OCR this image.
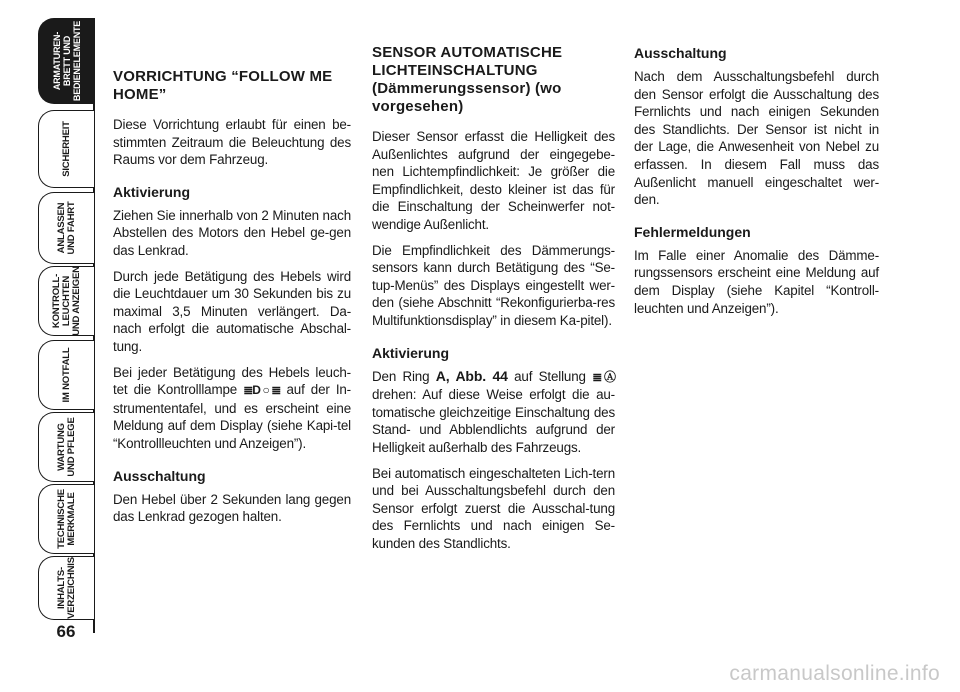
ARMATUREN-
BRETT UND
BEDIENELEMENTE
SICHERHEIT
ANLASSEN
UND FAHRT
KONTROLL-
LEUCHTEN
UND ANZEIGEN
IM NOTFALL
WARTUNG
UND PFLEGE
TECHNISCHE
MERKMALE
INHALTS-
VERZEICHNIS
66
VORRICHTUNG “FOLLOW ME HOME”

Diese Vorrichtung erlaubt für einen be-stimmten Zeitraum die Beleuchtung des Raums vor dem Fahrzeug.

Aktivierung

Ziehen Sie innerhalb von 2 Minuten nach Abstellen des Motors den Hebel ge-gen das Lenkrad.

Durch jede Betätigung des Hebels wird die Leuchtdauer um 30 Sekunden bis zu maximal 3,5 Minuten verlängert. Da-nach erfolgt die automatische Abschal-tung.

Bei jeder Betätigung des Hebels leuch-tet die Kontrolllampe ≣D○≣ auf der In-strumententafel, und es erscheint eine Meldung auf dem Display (siehe Kapi-tel “Kontrollleuchten und Anzeigen”).

Ausschaltung

Den Hebel über 2 Sekunden lang gegen das Lenkrad gezogen halten.

SENSOR AUTOMATISCHE LICHTEINSCHALTUNG (Dämmerungssensor) (wo vorgesehen)

Dieser Sensor erfasst die Helligkeit des Außenlichtes aufgrund der eingegebe-nen Lichtempfindlichkeit: Je größer die Empfindlichkeit, desto kleiner ist das für die Einschaltung der Scheinwerfer not-wendige Außenlicht.

Die Empfindlichkeit des Dämmerungs-sensors kann durch Betätigung des “Se-tup-Menüs” des Displays eingestellt wer-den (siehe Abschnitt “Rekonfigurierba-res Multifunktionsdisplay” in diesem Ka-pitel).

Aktivierung

Den Ring A, Abb. 44 auf Stellung ≣Ⓐ drehen: Auf diese Weise erfolgt die au-tomatische gleichzeitige Einschaltung des Stand- und Abblendlichts aufgrund der Helligkeit außerhalb des Fahrzeugs.

Bei automatisch eingeschalteten Lich-tern und bei Ausschaltungsbefehl durch den Sensor erfolgt zuerst die Ausschal-tung des Fernlichts und nach einigen Se-kunden des Standlichts.

Ausschaltung

Nach dem Ausschaltungsbefehl durch den Sensor erfolgt die Ausschaltung des Fernlichts und nach einigen Sekunden des Standlichts. Der Sensor ist nicht in der Lage, die Anwesenheit von Nebel zu erfassen. In diesem Fall muss das Außenlicht manuell eingeschaltet wer-den.

Fehlermeldungen

Im Falle einer Anomalie des Dämme-rungssensors erscheint eine Meldung auf dem Display (siehe Kapitel “Kontroll-leuchten und Anzeigen”).

carmanualsonline.info
